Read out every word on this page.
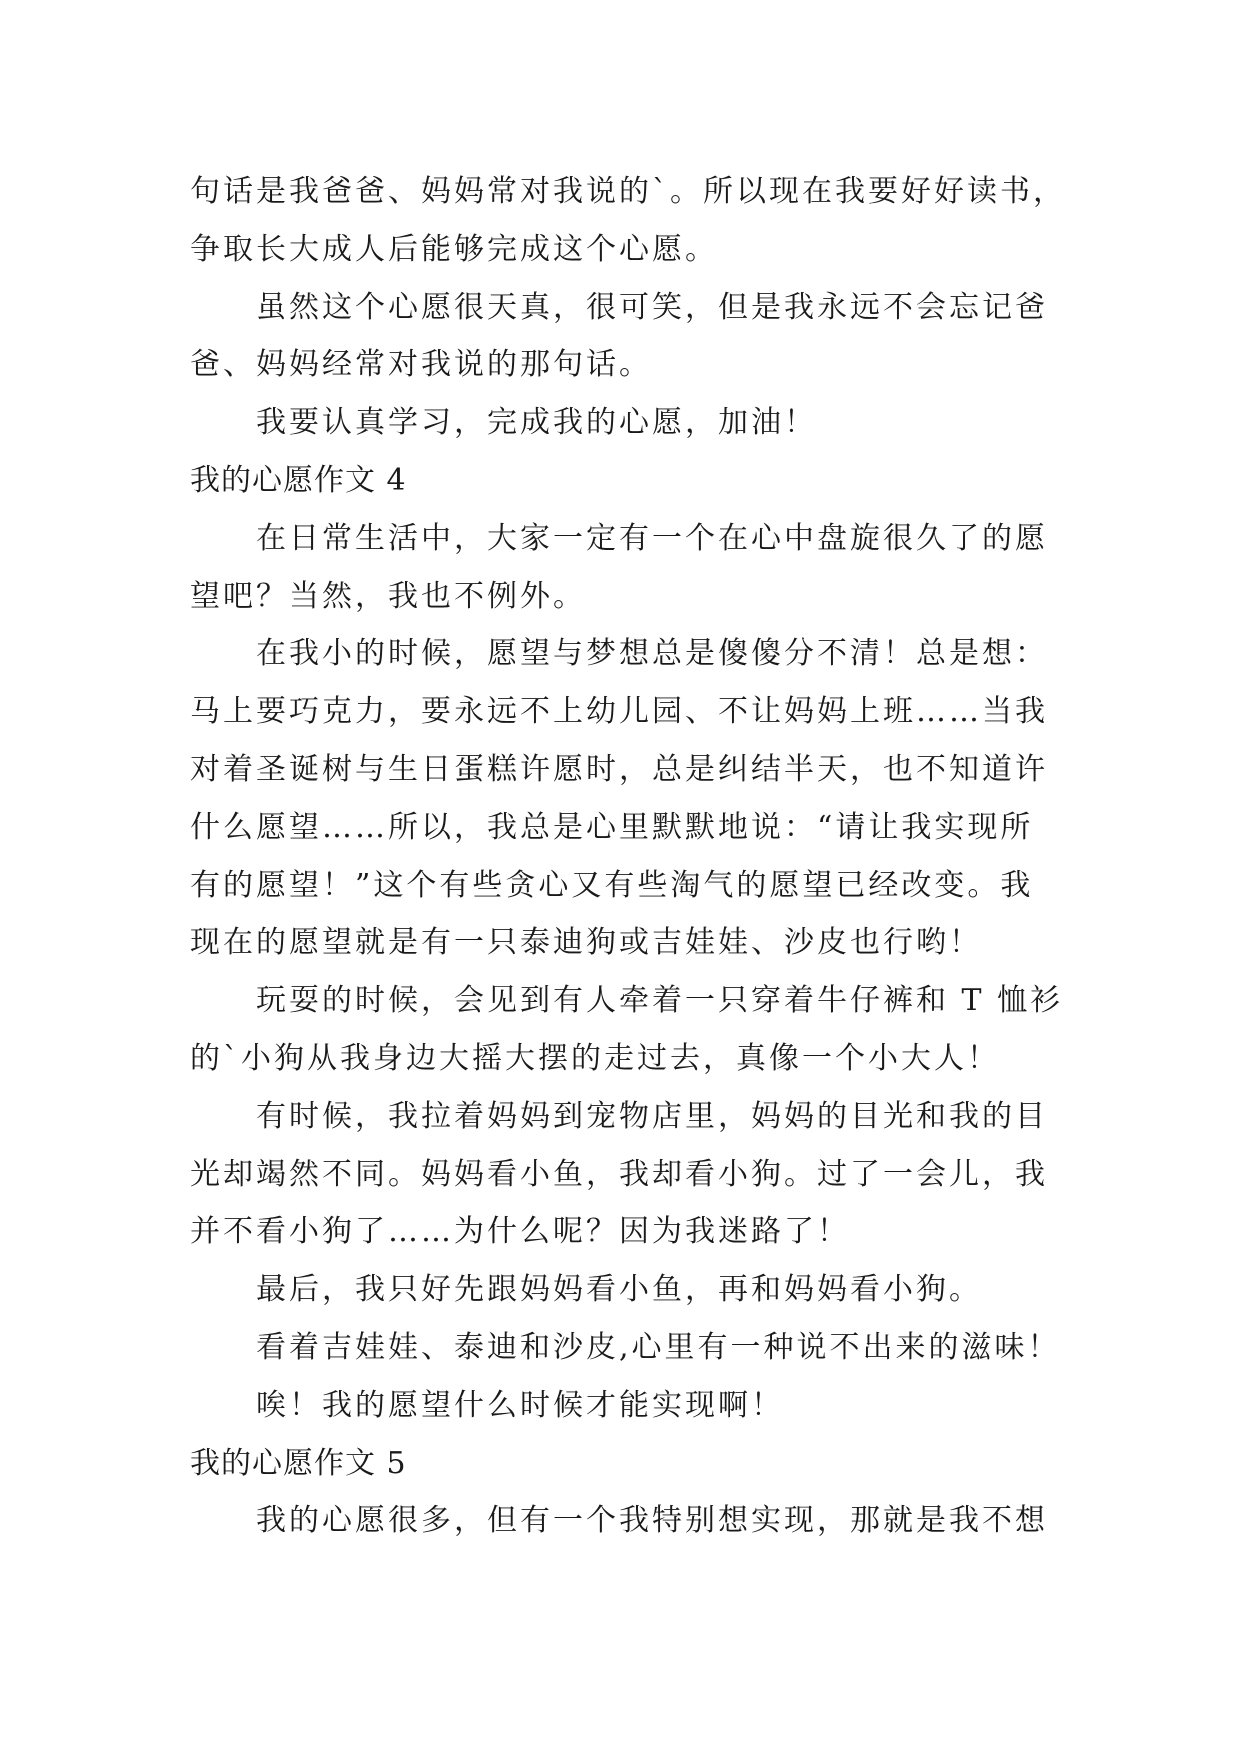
句话是我爸爸、妈妈常对我说的`。所以现在我要好好读书，
争取长大成人后能够完成这个心愿。
虽然这个心愿很天真，很可笑，但是我永远不会忘记爸
爸、妈妈经常对我说的那句话。
我要认真学习，完成我的心愿，加油！
我的心愿作文 4
在日常生活中，大家一定有一个在心中盘旋很久了的愿
望吧？当然，我也不例外。
在我小的时候，愿望与梦想总是傻傻分不清！总是想：
马上要巧克力，要永远不上幼儿园、不让妈妈上班……当我
对着圣诞树与生日蛋糕许愿时，总是纠结半天，也不知道许
什么愿望……所以，我总是心里默默地说：“请让我实现所
有的愿望！”这个有些贪心又有些淘气的愿望已经改变。我
现在的愿望就是有一只泰迪狗或吉娃娃、沙皮也行哟！
玩耍的时候，会见到有人牵着一只穿着牛仔裤和 T 恤衫
的`小狗从我身边大摇大摆的走过去，真像一个小大人！
有时候，我拉着妈妈到宠物店里，妈妈的目光和我的目
光却竭然不同。妈妈看小鱼，我却看小狗。过了一会儿，我
并不看小狗了……为什么呢？因为我迷路了！
最后，我只好先跟妈妈看小鱼，再和妈妈看小狗。
看着吉娃娃、泰迪和沙皮,心里有一种说不出来的滋味！
唉！我的愿望什么时候才能实现啊！
我的心愿作文 5
我的心愿很多，但有一个我特别想实现，那就是我不想
